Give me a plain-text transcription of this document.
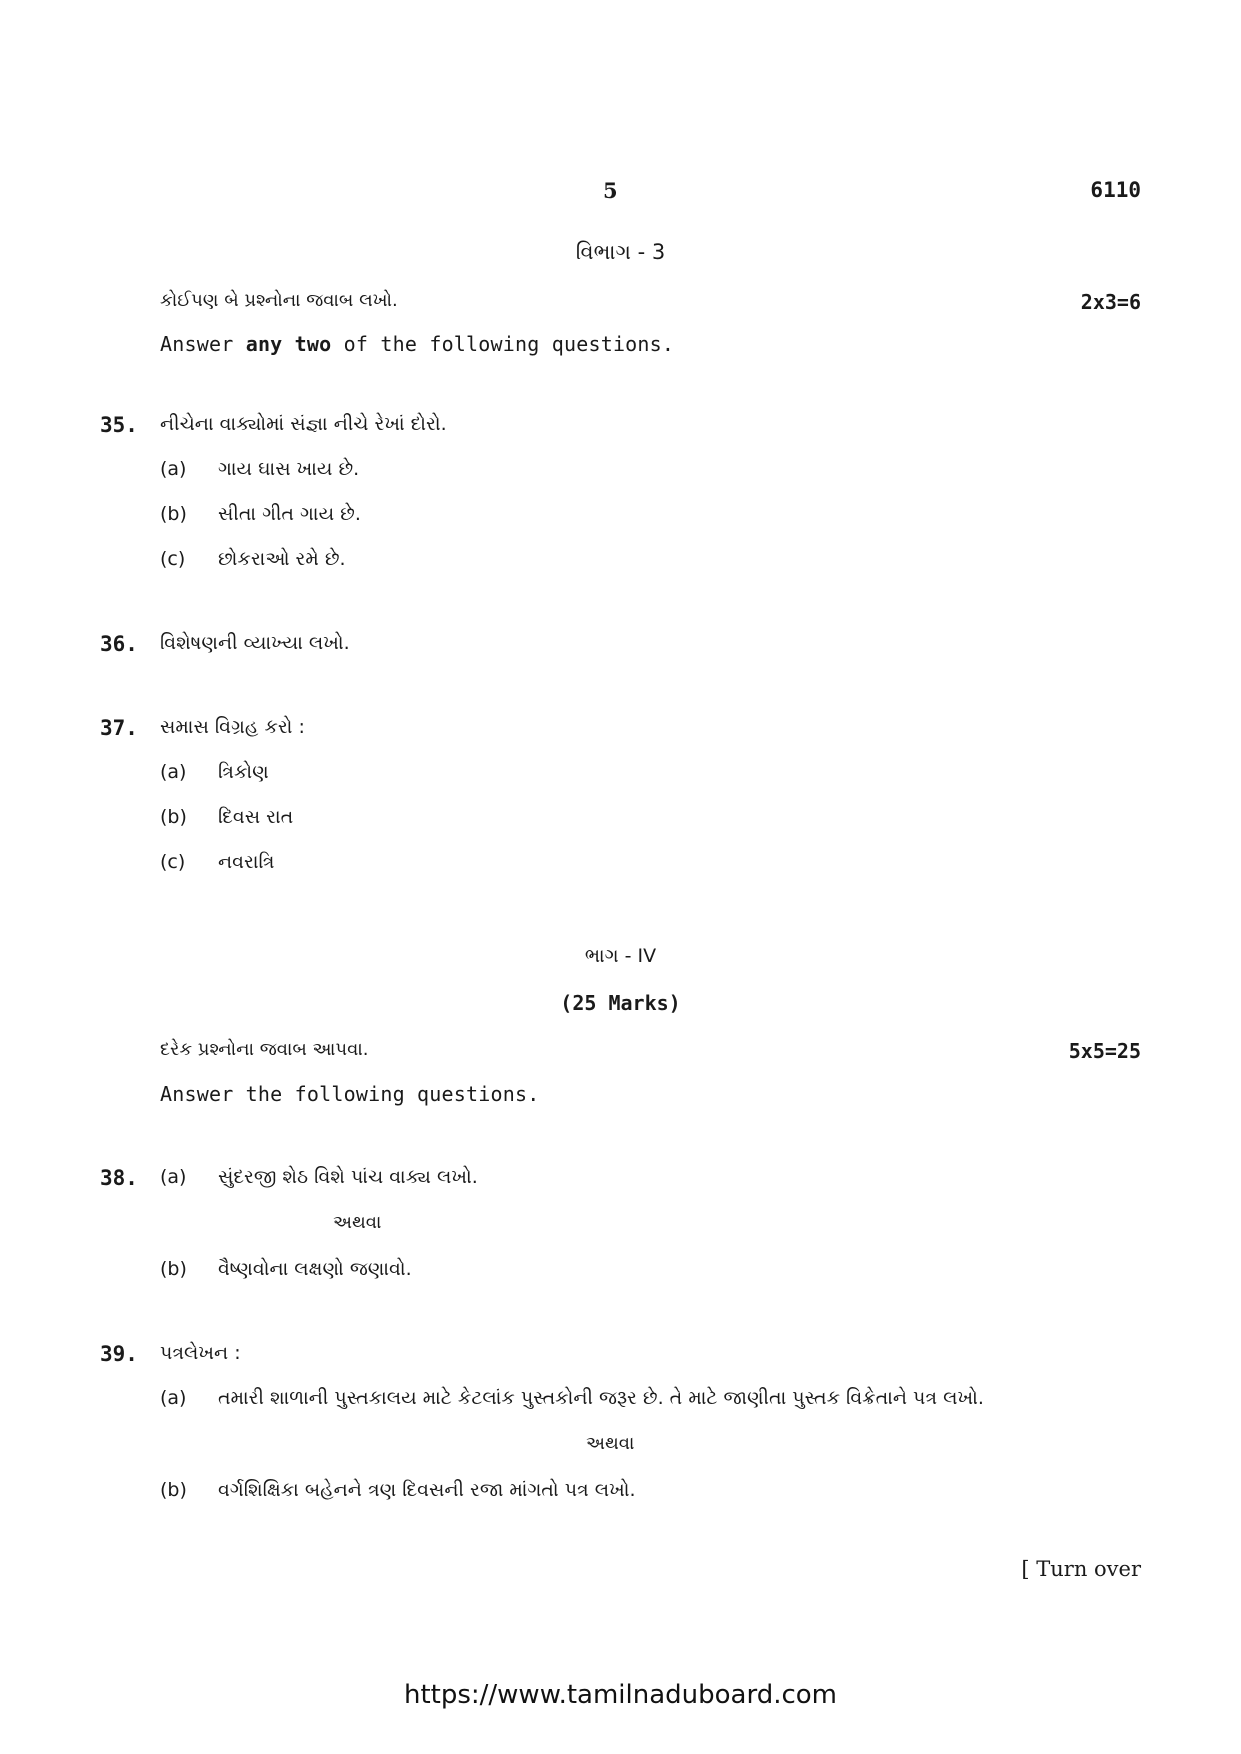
5	6110
વિભાગ - 3
કોઈપણ બે પ્રશ્નોના જવાબ લખો.	2x3=6
Answer any two of the following questions.
35. નીચેના વાક્યોમાં સંજ્ઞા નીચે રેખાં દોરો.
(a) ગાય ઘાસ ખાય છે.
(b) સીતા ગીત ગાય છે.
(c) છોકરાઓ રમે છે.
36. વિશેષણની વ્યાખ્યા લખો.
37. સમાસ વિગ્રહ કરો :
(a) ત્રિકોણ
(b) દિવસ રાત
(c) નવરાત્રિ
ભાગ - IV
(25 Marks)
દરેક પ્રશ્નોના જવાબ આપવા.	5x5=25
Answer the following questions.
38. (a) સુંદરજી શેઠ વિશે પાંચ વાક્ય લખો.
અથવા
(b) વૈષ્ણવોના લક્ષણો જણાવો.
39. પત્રલેખન :
(a) તમારી શાળાની પુસ્તકાલય માટે કેટલાંક પુસ્તકોની જરૂર છે. તે માટે જાણીતા પુસ્તક વિક્રેતાને પત્ર લખો.
અથવા
(b) વર્ગશિક્ષિકા બહેનને ત્રણ દિવસની રજા માંગતો પત્ર લખો.
[ Turn over
https://www.tamilnaduboard.com
